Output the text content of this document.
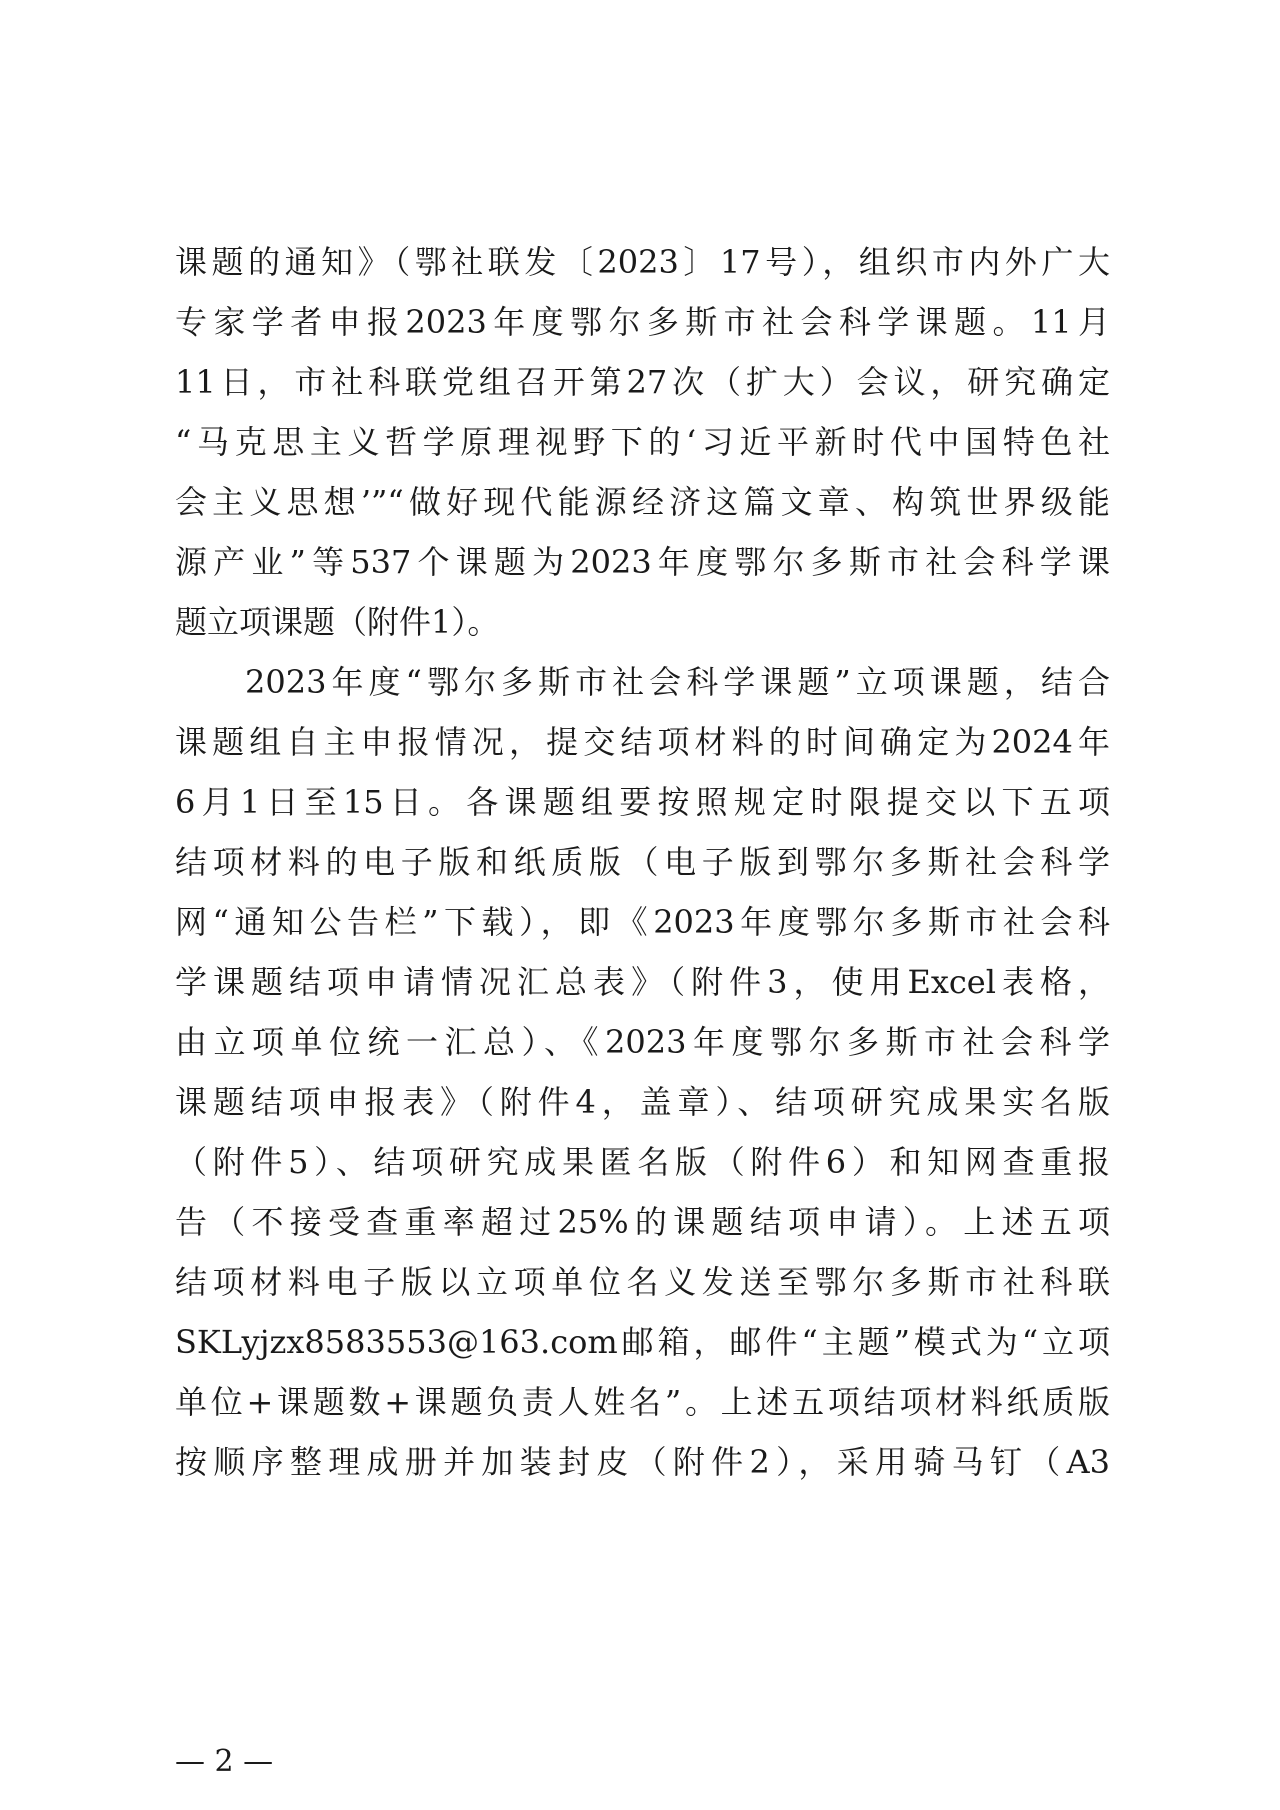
课题的通知》（鄂社联发〔2023〕17号），组织市内外广大
专家学者申报2023年度鄂尔多斯市社会科学课题。11月
11日，市社科联党组召开第27次（扩大）会议，研究确定
“马克思主义哲学原理视野下的‘习近平新时代中国特色社
会主义思想’”“做好现代能源经济这篇文章、构筑世界级能
源产业”等537个课题为2023年度鄂尔多斯市社会科学课
题立项课题（附件1）。
2023年度“鄂尔多斯市社会科学课题”立项课题，结合
课题组自主申报情况，提交结项材料的时间确定为2024年
6月1日至15日。各课题组要按照规定时限提交以下五项
结项材料的电子版和纸质版（电子版到鄂尔多斯社会科学
网“通知公告栏”下载），即《2023年度鄂尔多斯市社会科
学课题结项申请情况汇总表》（附件3，使用Excel表格，
由立项单位统一汇总）、《2023年度鄂尔多斯市社会科学
课题结项申报表》（附件4，盖章）、结项研究成果实名版
（附件5）、结项研究成果匿名版（附件6）和知网查重报
告（不接受查重率超过25%的课题结项申请）。上述五项
结项材料电子版以立项单位名义发送至鄂尔多斯市社科联
SKLyjzx8583553@163.com邮箱，邮件“主题”模式为“立项
单位+课题数+课题负责人姓名”。上述五项结项材料纸质版
按顺序整理成册并加装封皮（附件2），采用骑马钉（A3
— 2 —
